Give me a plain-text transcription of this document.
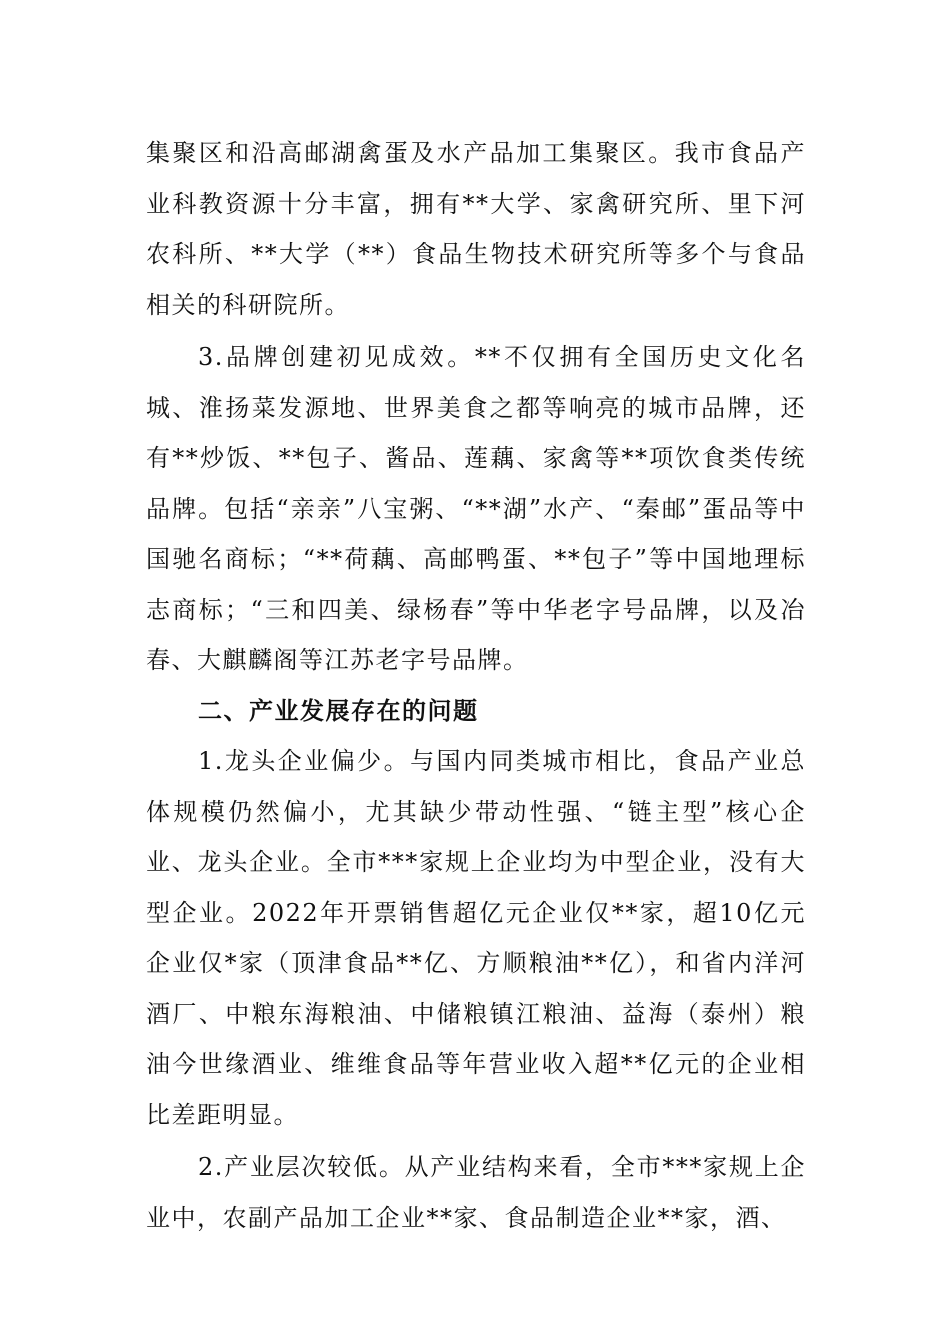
集聚区和沿高邮湖禽蛋及水产品加工集聚区。我市食品产业科教资源十分丰富，拥有**大学、家禽研究所、里下河农科所、**大学（**）食品生物技术研究所等多个与食品相关的科研院所。

3.品牌创建初见成效。**不仅拥有全国历史文化名城、淮扬菜发源地、世界美食之都等响亮的城市品牌，还有**炒饭、**包子、酱品、莲藕、家禽等**项饮食类传统品牌。包括“亲亲”八宝粥、“**湖”水产、“秦邮”蛋品等中国驰名商标；“**荷藕、高邮鸭蛋、**包子”等中国地理标志商标；“三和四美、绿杨春”等中华老字号品牌，以及冶春、大麒麟阁等江苏老字号品牌。

二、产业发展存在的问题

1.龙头企业偏少。与国内同类城市相比，食品产业总体规模仍然偏小，尤其缺少带动性强、“链主型”核心企业、龙头企业。全市***家规上企业均为中型企业，没有大型企业。2022年开票销售超亿元企业仅**家，超10亿元企业仅*家（顶津食品**亿、方顺粮油**亿），和省内洋河酒厂、中粮东海粮油、中储粮镇江粮油、益海（泰州）粮油今世缘酒业、维维食品等年营业收入超**亿元的企业相比差距明显。

2.产业层次较低。从产业结构来看，全市***家规上企业中，农副产品加工企业**家、食品制造企业**家，酒、
